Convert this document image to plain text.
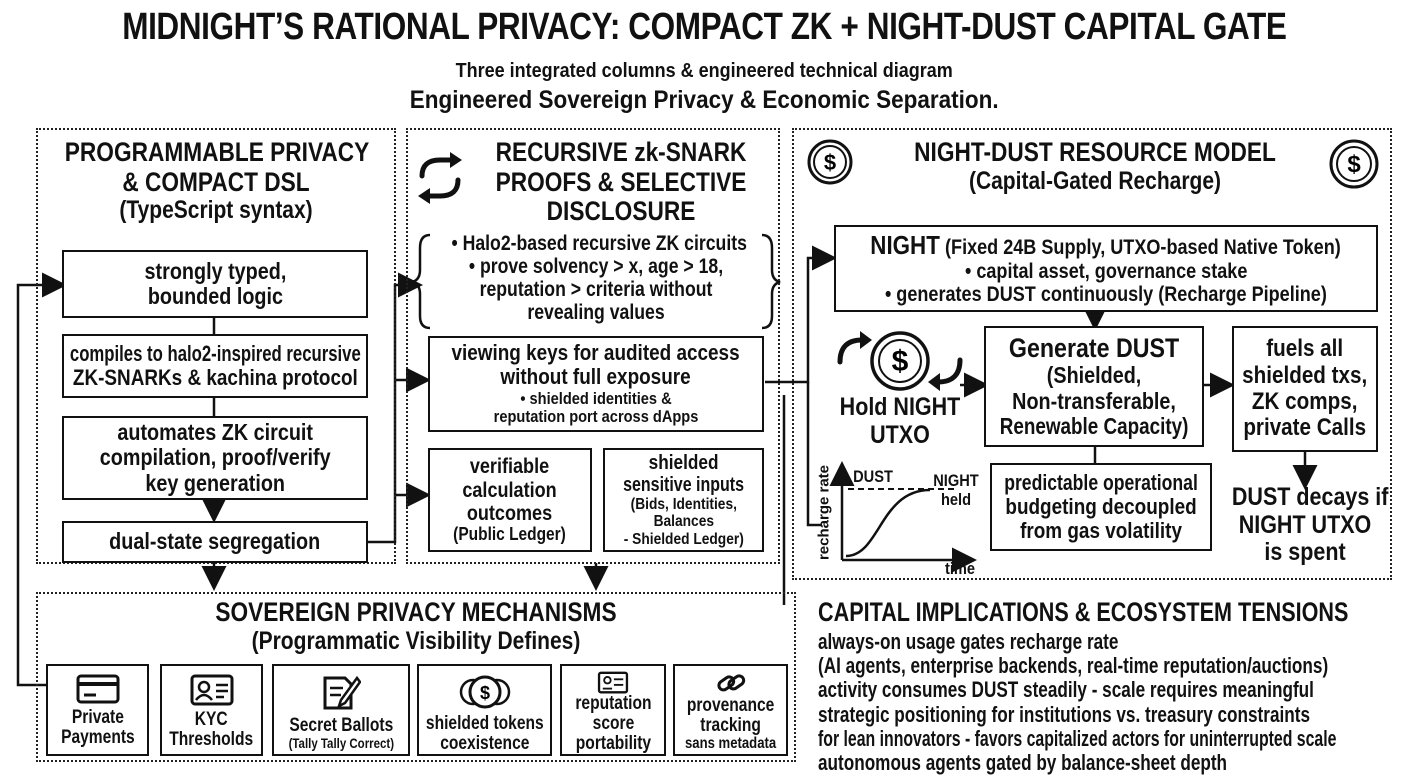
MIDNIGHT’S RATIONAL PRIVACY: COMPACT ZK + NIGHT-DUST CAPITAL GATE
Three integrated columns & engineered technical diagram
Engineered Sovereign Privacy & Economic Separation.
PROGRAMMABLE PRIVACY
& COMPACT DSL
(TypeScript syntax)
strongly typed,
bounded logic
compiles to halo2-inspired recursive
ZK-SNARKs & kachina protocol
automates ZK circuit
compilation, proof/verify
key generation
dual-state segregation
RECURSIVE zk-SNARK
PROOFS & SELECTIVE
DISCLOSURE
• Halo2-based recursive ZK circuits
• prove solvency > x, age > 18,
reputation > criteria without
revealing values
viewing keys for audited access
without full exposure
• shielded identities &
reputation port across dApps
verifiable
calculation
outcomes
(Public Ledger)
shielded
sensitive inputs
(Bids, Identities,
Balances
- Shielded Ledger)
$	$
NIGHT-DUST RESOURCE MODEL
(Capital-Gated Recharge)
NIGHT (Fixed 24B Supply, UTXO-based Native Token)
• capital asset, governance stake
• generates DUST continuously (Recharge Pipeline)
$
Hold NIGHT
UTXO
Generate DUST
(Shielded,
Non-transferable,
Renewable Capacity)
fuels all
shielded txs,
ZK comps,
private Calls
predictable operational
budgeting decoupled
from gas volatility
DUST decays if
NIGHT UTXO
is spent
recharge rate
time
DUST NIGHT
held
SOVEREIGN PRIVACY MECHANISMS
(Programmatic Visibility Defines)
Private
Payments
KYC
Thresholds
Secret Ballots
(Tally Tally Correct)
$
shielded tokens
coexistence
reputation
score
portability
provenance
tracking
sans metadata
CAPITAL IMPLICATIONS & ECOSYSTEM TENSIONS
always-on usage gates recharge rate
(AI agents, enterprise backends, real-time reputation/auctions)
activity consumes DUST steadily - scale requires meaningful
strategic positioning for institutions vs. treasury constraints
for lean innovators - favors capitalized actors for uninterrupted scale
autonomous agents gated by balance-sheet depth
